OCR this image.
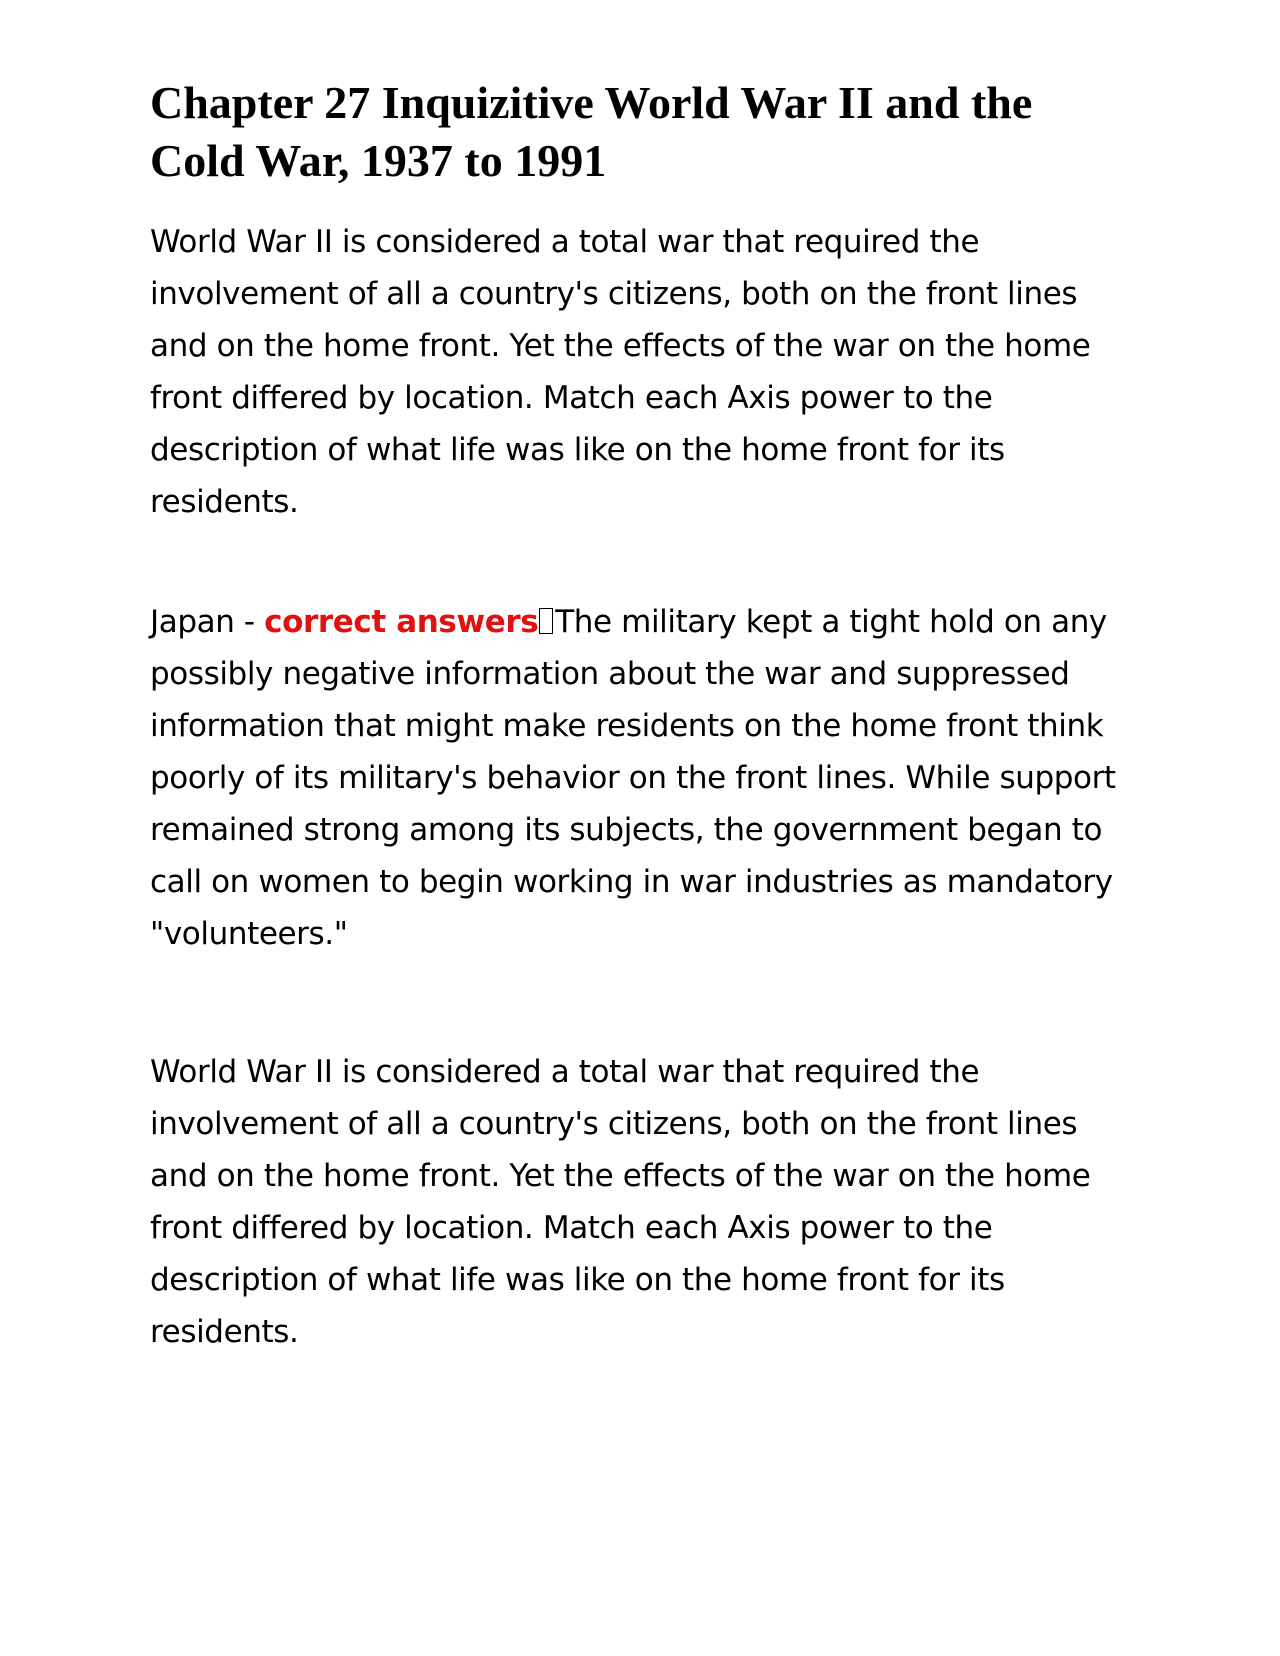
Chapter 27 Inquizitive World War II and the Cold War, 1937 to 1991

World War II is considered a total war that required the involvement of all a country's citizens, both on the front lines and on the home front. Yet the effects of the war on the home front differed by location. Match each Axis power to the description of what life was like on the home front for its residents.

Japan - correct answers The military kept a tight hold on any possibly negative information about the war and suppressed information that might make residents on the home front think poorly of its military's behavior on the front lines. While support remained strong among its subjects, the government began to call on women to begin working in war industries as mandatory "volunteers."

World War II is considered a total war that required the involvement of all a country's citizens, both on the front lines and on the home front. Yet the effects of the war on the home front differed by location. Match each Axis power to the description of what life was like on the home front for its residents.
